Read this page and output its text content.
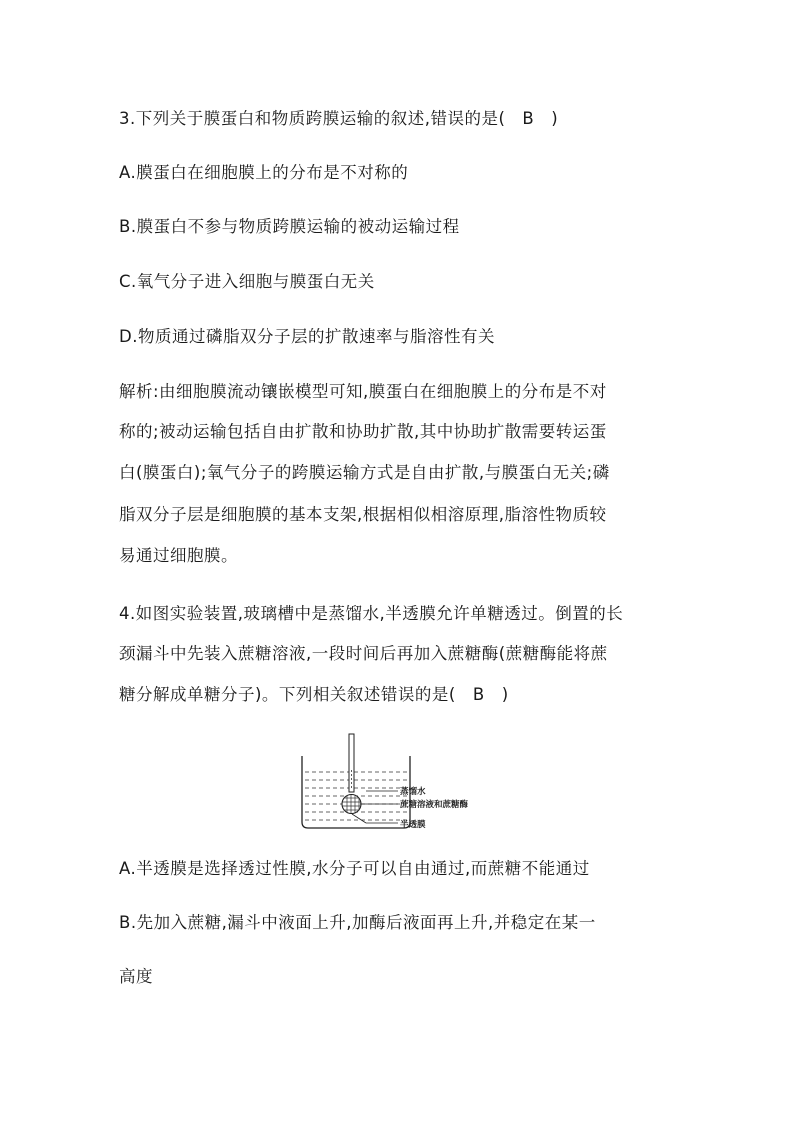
3.下列关于膜蛋白和物质跨膜运输的叙述,错误的是(　B　)
A.膜蛋白在细胞膜上的分布是不对称的
B.膜蛋白不参与物质跨膜运输的被动运输过程
C.氧气分子进入细胞与膜蛋白无关
D.物质通过磷脂双分子层的扩散速率与脂溶性有关
解析:由细胞膜流动镶嵌模型可知,膜蛋白在细胞膜上的分布是不对
称的;被动运输包括自由扩散和协助扩散,其中协助扩散需要转运蛋
白(膜蛋白);氧气分子的跨膜运输方式是自由扩散,与膜蛋白无关;磷
脂双分子层是细胞膜的基本支架,根据相似相溶原理,脂溶性物质较
易通过细胞膜。
4.如图实验装置,玻璃槽中是蒸馏水,半透膜允许单糖透过。倒置的长
颈漏斗中先装入蔗糖溶液,一段时间后再加入蔗糖酶(蔗糖酶能将蔗
糖分解成单糖分子)。下列相关叙述错误的是(　B　)
蒸馏水
蔗糖溶液和蔗糖酶
半透膜
A.半透膜是选择透过性膜,水分子可以自由通过,而蔗糖不能通过
B.先加入蔗糖,漏斗中液面上升,加酶后液面再上升,并稳定在某一
高度
